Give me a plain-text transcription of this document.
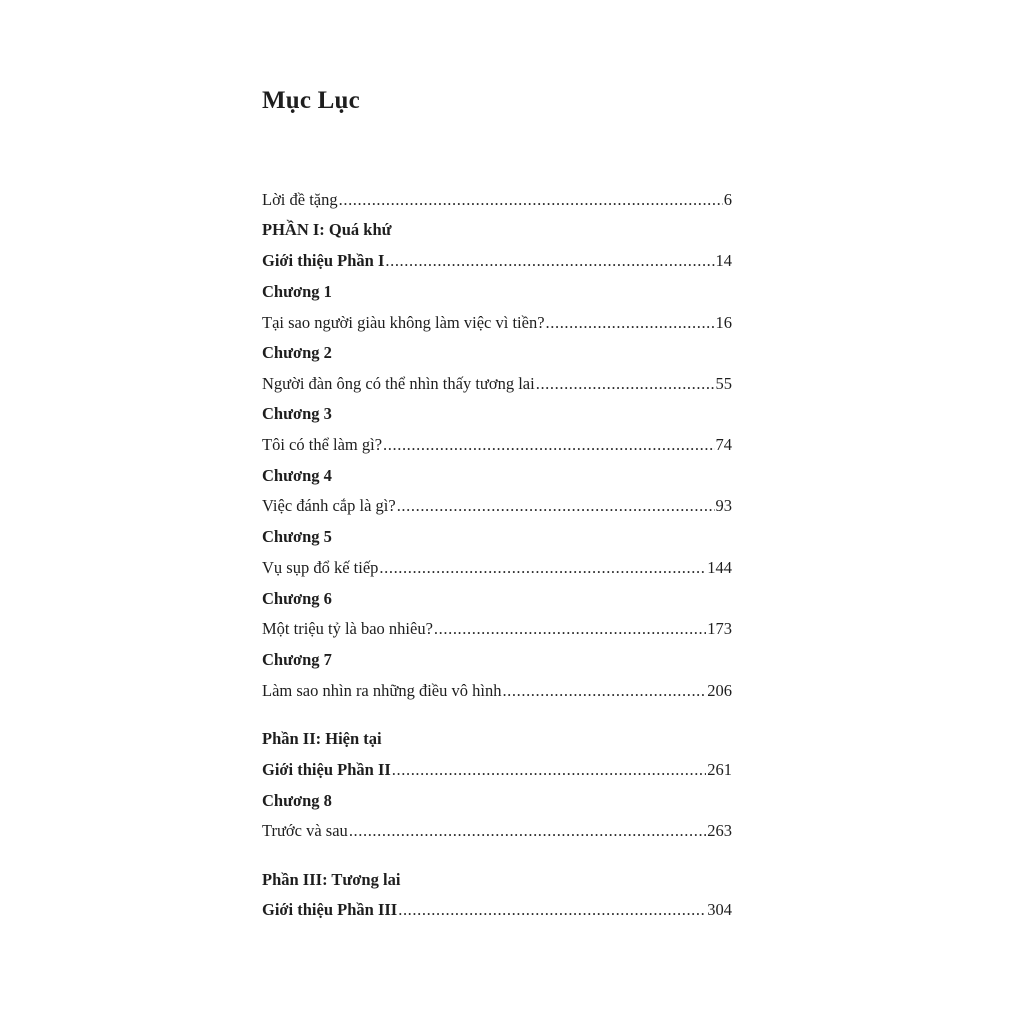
Mục Lục
Lời đề tặng .....	6
PHẦN I: Quá khứ
Giới thiệu Phần I .....	14
Chương 1
Tại sao người giàu không làm việc vì tiền? .....	16
Chương 2
Người đàn ông có thể nhìn thấy tương lai .....	55
Chương 3
Tôi có thể làm gì? .....	74
Chương 4
Việc đánh cắp là gì? .....	93
Chương 5
Vụ sụp đổ kế tiếp .....	144
Chương 6
Một triệu tỷ là bao nhiêu? .....	173
Chương 7
Làm sao nhìn ra những điều vô hình .....	206
Phần II: Hiện tại
Giới thiệu Phần II .....	261
Chương 8
Trước và sau .....	263
Phần III: Tương lai
Giới thiệu Phần III .....	304
